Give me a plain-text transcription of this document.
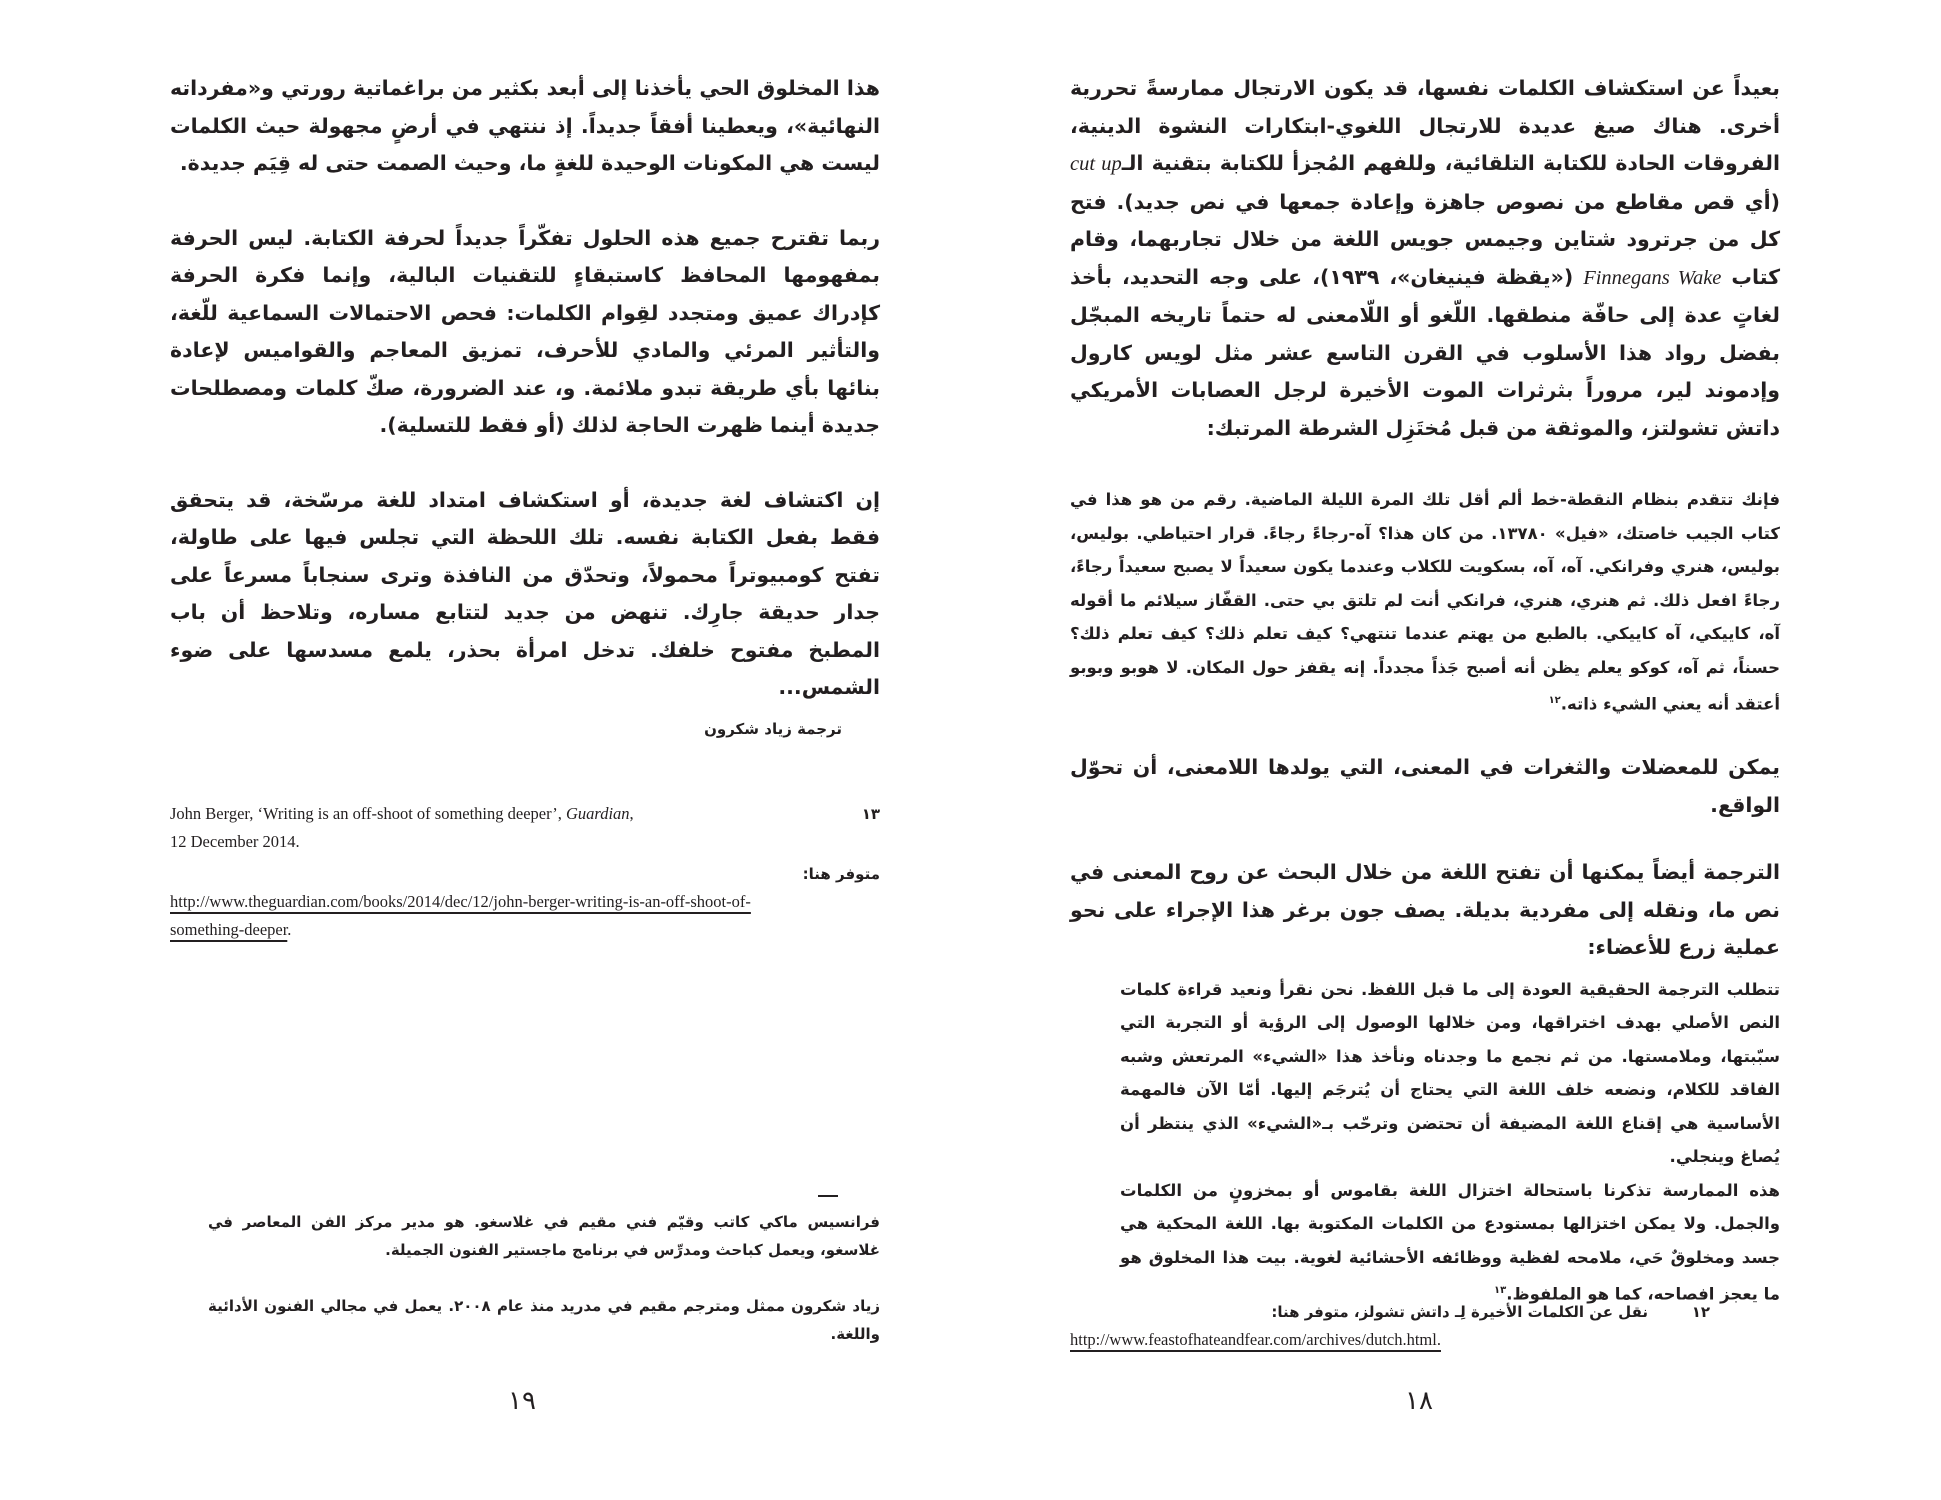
هذا المخلوق الحي يأخذنا إلى أبعد بكثير من براغماتية رورتي و«مفرداته النهائية»، ويعطينا أفقاً جديداً. إذ ننتهي في أرضٍ مجهولة حيث الكلمات ليست هي المكونات الوحيدة للغةٍ ما، وحيث الصمت حتى له قِيَم جديدة.

ربما تقترح جميع هذه الحلول تفكّراً جديداً لحرفة الكتابة. ليس الحرفة بمفهومها المحافظ كاستبقاءٍ للتقنيات البالية، وإنما فكرة الحرفة كإدراك عميق ومتجدد لقِوام الكلمات: فحص الاحتمالات السماعية للّغة، والتأثير المرئي والمادي للأحرف، تمزيق المعاجم والقواميس لإعادة بنائها بأي طريقة تبدو ملائمة. و، عند الضرورة، صكّ كلمات ومصطلحات جديدة أينما ظهرت الحاجة لذلك (أو فقط للتسلية).

إن اكتشاف لغة جديدة، أو استكشاف امتداد للغة مرسّخة، قد يتحقق فقط بفعل الكتابة نفسه. تلك اللحظة التي تجلس فيها على طاولة، تفتح كومبيوتراً محمولاً، وتحدّق من النافذة وترى سنجاباً مسرعاً على جدار حديقة جارِك. تنهض من جديد لتتابع مساره، وتلاحظ أن باب المطبخ مفتوح خلفك. تدخل امرأة بحذر، يلمع مسدسها على ضوء الشمس...

ترجمة زياد شكرون

١٣
John Berger, ‘Writing is an off-shoot of something deeper’, Guardian,
12 December 2014.

متوفر هنا:

http://www.theguardian.com/books/2014/dec/12/john-berger-writing-is-an-off-shoot-of-
something-deeper.

فرانسيس ماكي كاتب وقيّم فني مقيم في غلاسغو. هو مدير مركز الفن المعاصر في غلاسغو، ويعمل كباحث ومدرِّس في برنامج ماجستير الفنون الجميلة.

زياد شكرون ممثل ومترجم مقيم في مدريد منذ عام ٢٠٠٨. يعمل في مجالي الفنون الأدائية واللغة.

١٩

بعيداً عن استكشاف الكلمات نفسها، قد يكون الارتجال ممارسةً تحررية أخرى. هناك صيغ عديدة للارتجال اللغوي-ابتكارات النشوة الدينية، الفروقات الحادة للكتابة التلقائية، وللفهم المُجزأ للكتابة بتقنية الـcut up (أي قص مقاطع من نصوص جاهزة وإعادة جمعها في نص جديد). فتح كل من جرترود شتاين وجيمس جويس اللغة من خلال تجاربهما، وقام كتاب Finnegans Wake («يقظة فينيغان»، ١٩٣٩)، على وجه التحديد، بأخذ لغاتٍ عدة إلى حافّة منطقها. اللّغو أو اللّامعنى له حتماً تاريخه المبجّل بفضل رواد هذا الأسلوب في القرن التاسع عشر مثل لويس كارول وإدموند لير، مروراً بثرثرات الموت الأخيرة لرجل العصابات الأمريكي داتش تشولتز، والموثقة من قبل مُختَزِل الشرطة المرتبك:

فإنك تتقدم بنظام النقطة-خط ألم أقل تلك المرة الليلة الماضية. رقم من هو هذا في كتاب الجيب خاصتك، «فيل» ١٣٧٨٠. من كان هذا؟ آه-رجاءً رجاءً. قرار احتياطي. بوليس، بوليس، هنري وفرانكي. آه، آه، بسكويت للكلاب وعندما يكون سعيداً لا يصبح سعيداً رجاءً، رجاءً افعل ذلك. ثم هنري، هنري، فرانكي أنت لم تلتق بي حتى. القفّاز سيلائم ما أقوله آه، كاييكي، آه كاييكي. بالطبع من يهتم عندما تنتهي؟ كيف تعلم ذلك؟ كيف تعلم ذلك؟ حسناً، ثم آه، كوكو يعلم يظن أنه أصبح جَذاً مجدداً. إنه يقفز حول المكان. لا هوبو وبوبو أعتقد أنه يعني الشيء ذاته.$^{١٢}$

يمكن للمعضلات والثغرات في المعنى، التي يولدها اللامعنى، أن تحوّل الواقع.

الترجمة أيضاً يمكنها أن تفتح اللغة من خلال البحث عن روح المعنى في نص ما، ونقله إلى مفردية بديلة. يصف جون برغر هذا الإجراء على نحو عملية زرع للأعضاء:

تتطلب الترجمة الحقيقية العودة إلى ما قبل اللفظ. نحن نقرأ ونعيد قراءة كلمات النص الأصلي بهدف اختراقها، ومن خلالها الوصول إلى الرؤية أو التجربة التي سبّبتها، وملامستها. من ثم نجمع ما وجدناه ونأخذ هذا «الشيء» المرتعش وشبه الفاقد للكلام، ونضعه خلف اللغة التي يحتاج أن يُترجَم إليها. أمّا الآن فالمهمة الأساسية هي إقناع اللغة المضيفة أن تحتضن وترحّب بـ«الشيء» الذي ينتظر أن يُصاغ وينجلي.

هذه الممارسة تذكرنا باستحالة اختزال اللغة بقاموس أو بمخزونٍ من الكلمات والجمل. ولا يمكن اختزالها بمستودع من الكلمات المكتوبة بها. اللغة المحكية هي جسد ومخلوقٌ حَي، ملامحه لفظية ووظائفه الأحشائية لغوية. بيت هذا المخلوق هو ما يعجز افصاحه، كما هو الملفوظ.$^{١٣}$

١٢
نقل عن الكلمات الأخيرة لِـ داتش تشولز، متوفر هنا:
http://www.feastofhateandfear.com/archives/dutch.html.
١٨
